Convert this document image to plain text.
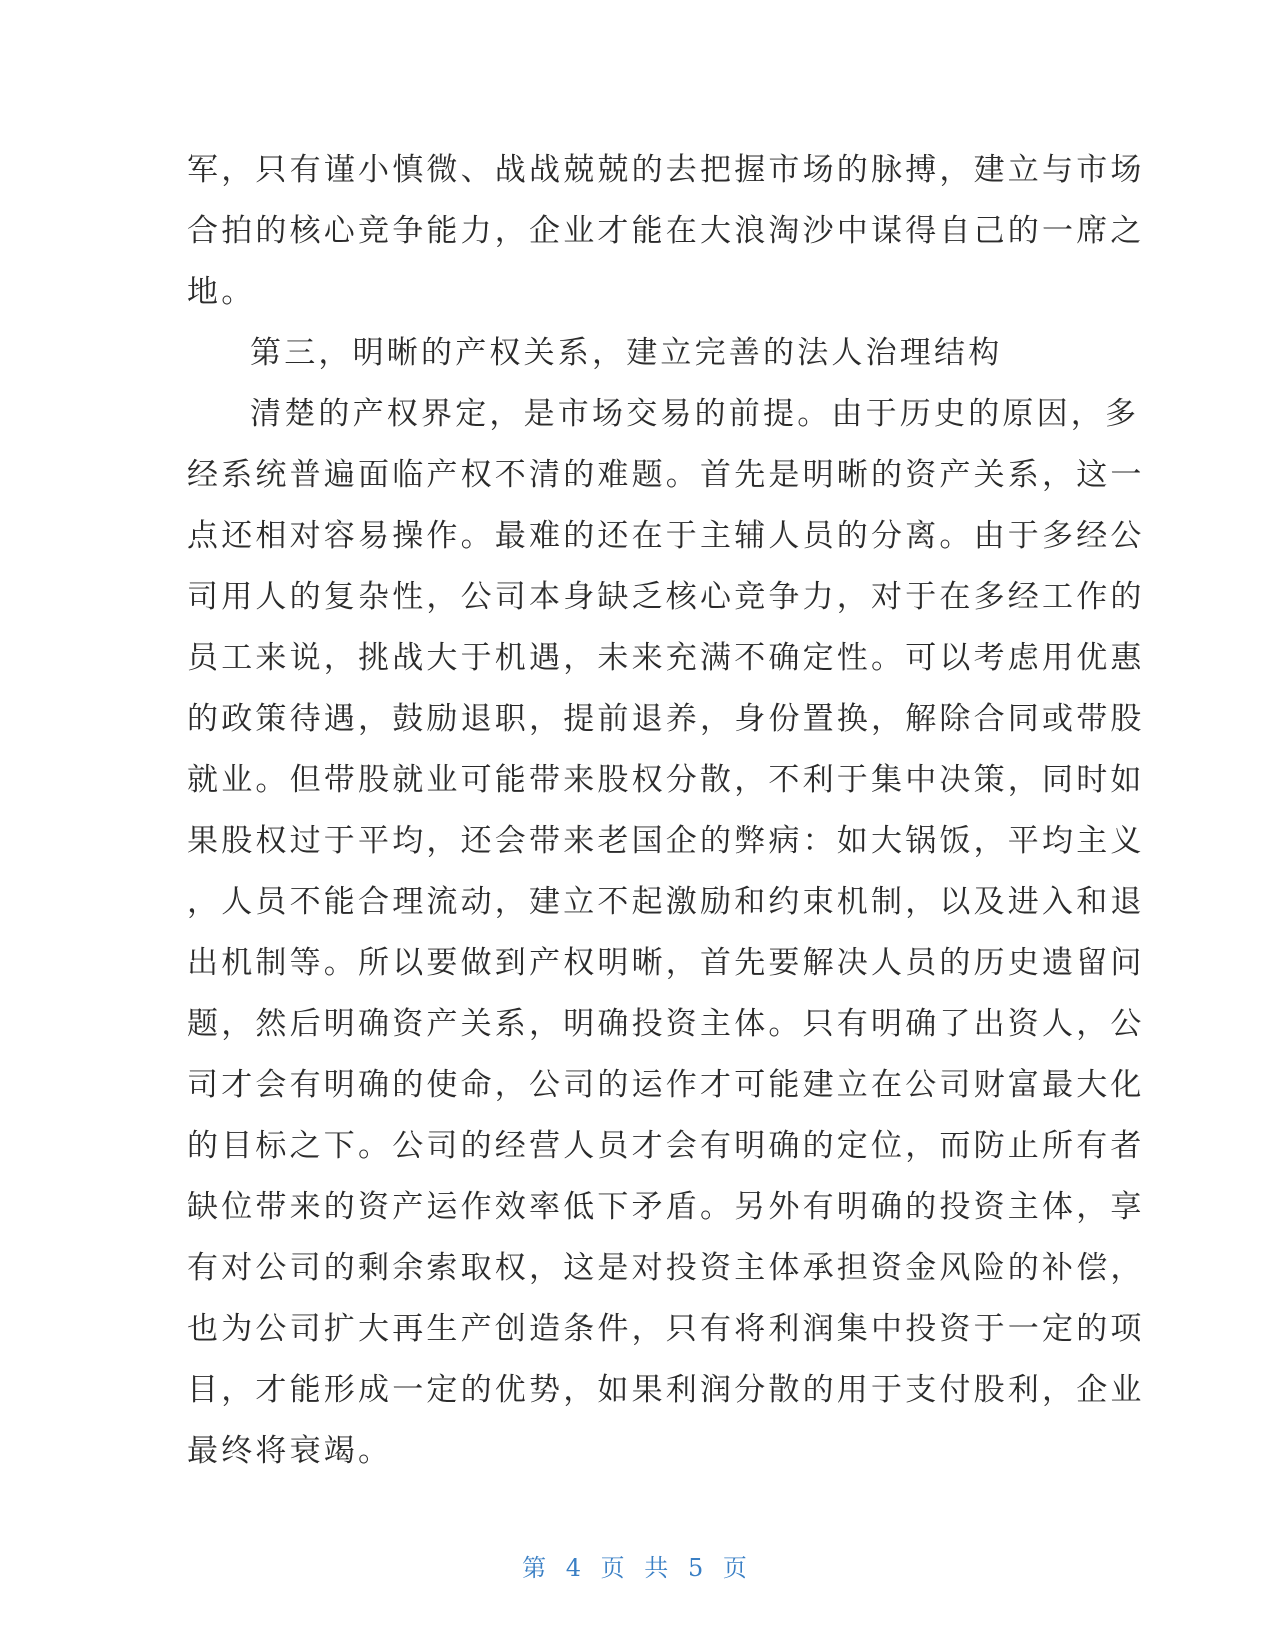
军，只有谨小慎微、战战兢兢的去把握市场的脉搏，建立与市场
合拍的核心竞争能力，企业才能在大浪淘沙中谋得自己的一席之
地。
第三，明晰的产权关系，建立完善的法人治理结构
清楚的产权界定，是市场交易的前提。由于历史的原因，多
经系统普遍面临产权不清的难题。首先是明晰的资产关系，这一
点还相对容易操作。最难的还在于主辅人员的分离。由于多经公
司用人的复杂性，公司本身缺乏核心竞争力，对于在多经工作的
员工来说，挑战大于机遇，未来充满不确定性。可以考虑用优惠
的政策待遇，鼓励退职，提前退养，身份置换，解除合同或带股
就业。但带股就业可能带来股权分散，不利于集中决策，同时如
果股权过于平均，还会带来老国企的弊病：如大锅饭，平均主义
，人员不能合理流动，建立不起激励和约束机制，以及进入和退
出机制等。所以要做到产权明晰，首先要解决人员的历史遗留问
题，然后明确资产关系，明确投资主体。只有明确了出资人，公
司才会有明确的使命，公司的运作才可能建立在公司财富最大化
的目标之下。公司的经营人员才会有明确的定位，而防止所有者
缺位带来的资产运作效率低下矛盾。另外有明确的投资主体，享
有对公司的剩余索取权，这是对投资主体承担资金风险的补偿，
也为公司扩大再生产创造条件，只有将利润集中投资于一定的项
目，才能形成一定的优势，如果利润分散的用于支付股利，企业
最终将衰竭。
第 4 页 共 5 页
